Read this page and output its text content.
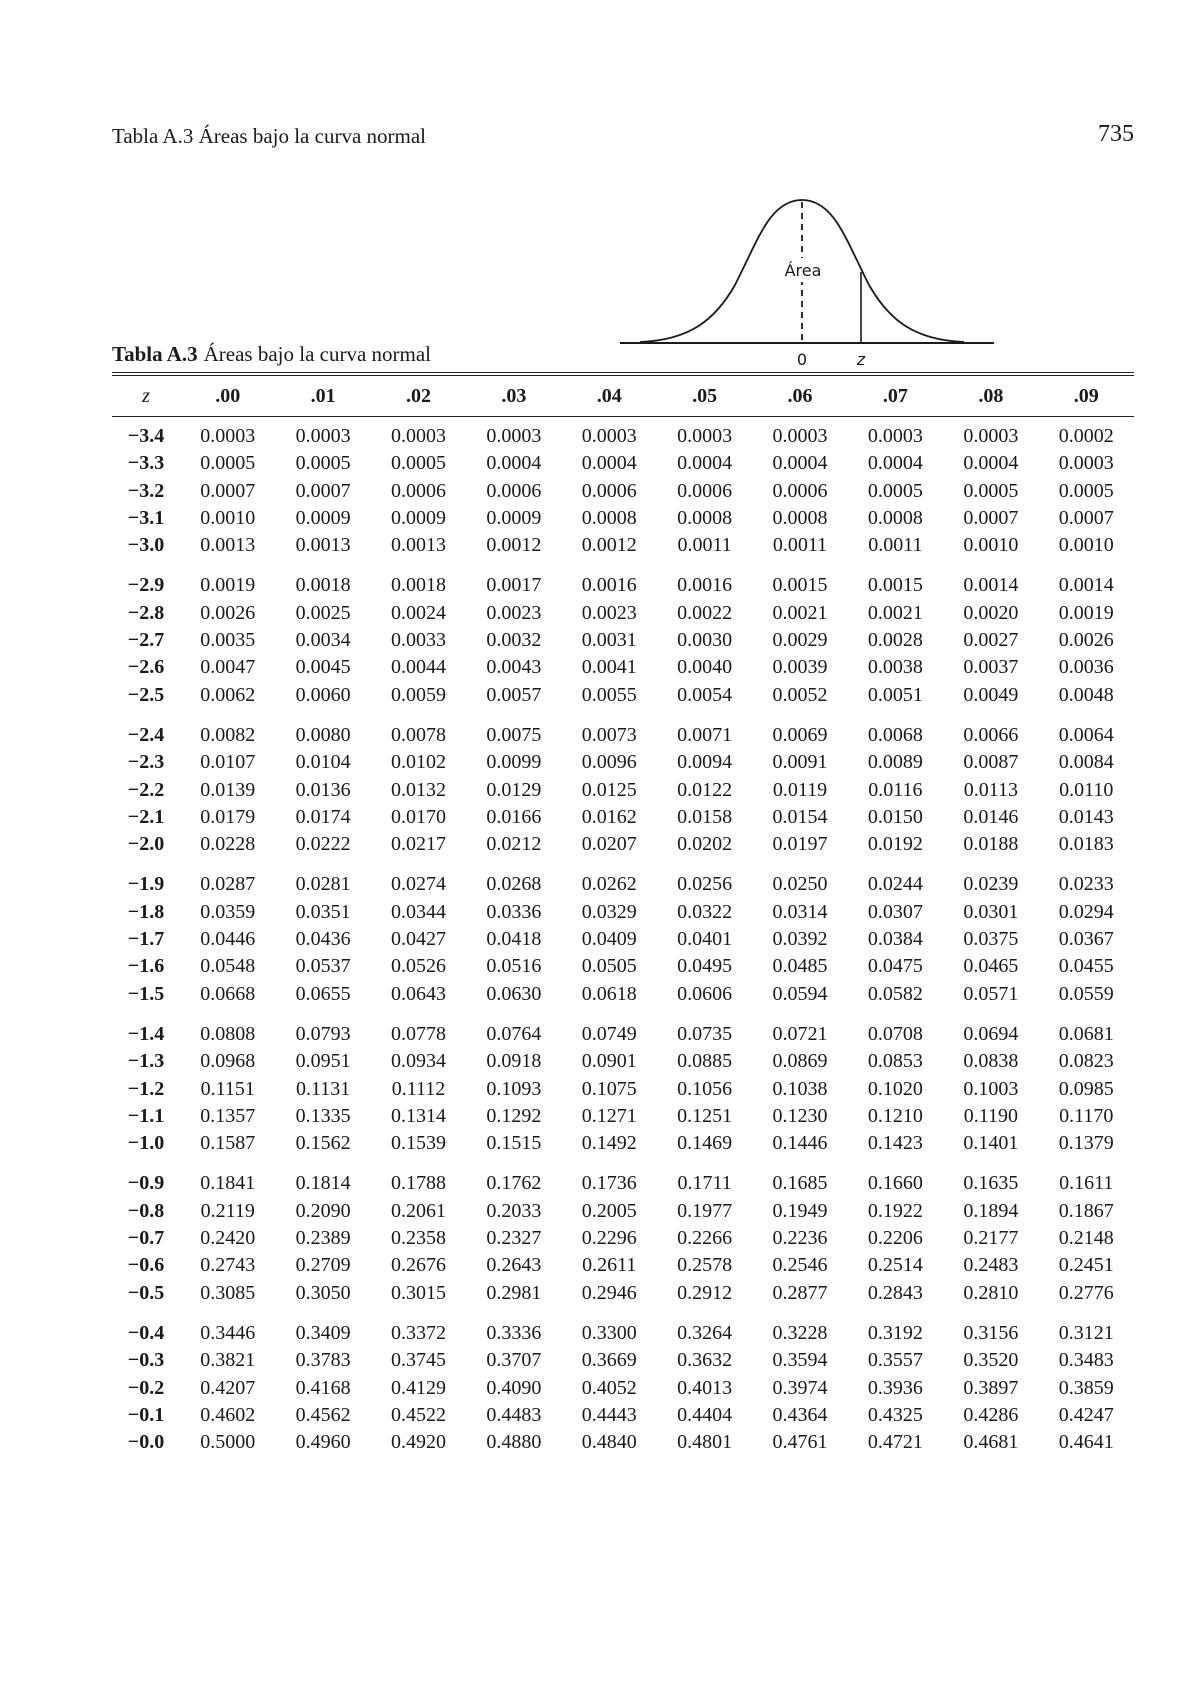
Tabla A.3 Áreas bajo la curva normal	735
Área
0	z
Tabla A.3 Áreas bajo la curva normal
z	.00	.01	.02	.03	.04	.05	.06	.07	.08	.09
−3.4	0.0003	0.0003	0.0003	0.0003	0.0003	0.0003	0.0003	0.0003	0.0003	0.0002
−3.3	0.0005	0.0005	0.0005	0.0004	0.0004	0.0004	0.0004	0.0004	0.0004	0.0003
−3.2	0.0007	0.0007	0.0006	0.0006	0.0006	0.0006	0.0006	0.0005	0.0005	0.0005
−3.1	0.0010	0.0009	0.0009	0.0009	0.0008	0.0008	0.0008	0.0008	0.0007	0.0007
−3.0	0.0013	0.0013	0.0013	0.0012	0.0012	0.0011	0.0011	0.0011	0.0010	0.0010
−2.9	0.0019	0.0018	0.0018	0.0017	0.0016	0.0016	0.0015	0.0015	0.0014	0.0014
−2.8	0.0026	0.0025	0.0024	0.0023	0.0023	0.0022	0.0021	0.0021	0.0020	0.0019
−2.7	0.0035	0.0034	0.0033	0.0032	0.0031	0.0030	0.0029	0.0028	0.0027	0.0026
−2.6	0.0047	0.0045	0.0044	0.0043	0.0041	0.0040	0.0039	0.0038	0.0037	0.0036
−2.5	0.0062	0.0060	0.0059	0.0057	0.0055	0.0054	0.0052	0.0051	0.0049	0.0048
−2.4	0.0082	0.0080	0.0078	0.0075	0.0073	0.0071	0.0069	0.0068	0.0066	0.0064
−2.3	0.0107	0.0104	0.0102	0.0099	0.0096	0.0094	0.0091	0.0089	0.0087	0.0084
−2.2	0.0139	0.0136	0.0132	0.0129	0.0125	0.0122	0.0119	0.0116	0.0113	0.0110
−2.1	0.0179	0.0174	0.0170	0.0166	0.0162	0.0158	0.0154	0.0150	0.0146	0.0143
−2.0	0.0228	0.0222	0.0217	0.0212	0.0207	0.0202	0.0197	0.0192	0.0188	0.0183
−1.9	0.0287	0.0281	0.0274	0.0268	0.0262	0.0256	0.0250	0.0244	0.0239	0.0233
−1.8	0.0359	0.0351	0.0344	0.0336	0.0329	0.0322	0.0314	0.0307	0.0301	0.0294
−1.7	0.0446	0.0436	0.0427	0.0418	0.0409	0.0401	0.0392	0.0384	0.0375	0.0367
−1.6	0.0548	0.0537	0.0526	0.0516	0.0505	0.0495	0.0485	0.0475	0.0465	0.0455
−1.5	0.0668	0.0655	0.0643	0.0630	0.0618	0.0606	0.0594	0.0582	0.0571	0.0559
−1.4	0.0808	0.0793	0.0778	0.0764	0.0749	0.0735	0.0721	0.0708	0.0694	0.0681
−1.3	0.0968	0.0951	0.0934	0.0918	0.0901	0.0885	0.0869	0.0853	0.0838	0.0823
−1.2	0.1151	0.1131	0.1112	0.1093	0.1075	0.1056	0.1038	0.1020	0.1003	0.0985
−1.1	0.1357	0.1335	0.1314	0.1292	0.1271	0.1251	0.1230	0.1210	0.1190	0.1170
−1.0	0.1587	0.1562	0.1539	0.1515	0.1492	0.1469	0.1446	0.1423	0.1401	0.1379
−0.9	0.1841	0.1814	0.1788	0.1762	0.1736	0.1711	0.1685	0.1660	0.1635	0.1611
−0.8	0.2119	0.2090	0.2061	0.2033	0.2005	0.1977	0.1949	0.1922	0.1894	0.1867
−0.7	0.2420	0.2389	0.2358	0.2327	0.2296	0.2266	0.2236	0.2206	0.2177	0.2148
−0.6	0.2743	0.2709	0.2676	0.2643	0.2611	0.2578	0.2546	0.2514	0.2483	0.2451
−0.5	0.3085	0.3050	0.3015	0.2981	0.2946	0.2912	0.2877	0.2843	0.2810	0.2776
−0.4	0.3446	0.3409	0.3372	0.3336	0.3300	0.3264	0.3228	0.3192	0.3156	0.3121
−0.3	0.3821	0.3783	0.3745	0.3707	0.3669	0.3632	0.3594	0.3557	0.3520	0.3483
−0.2	0.4207	0.4168	0.4129	0.4090	0.4052	0.4013	0.3974	0.3936	0.3897	0.3859
−0.1	0.4602	0.4562	0.4522	0.4483	0.4443	0.4404	0.4364	0.4325	0.4286	0.4247
−0.0	0.5000	0.4960	0.4920	0.4880	0.4840	0.4801	0.4761	0.4721	0.4681	0.4641
